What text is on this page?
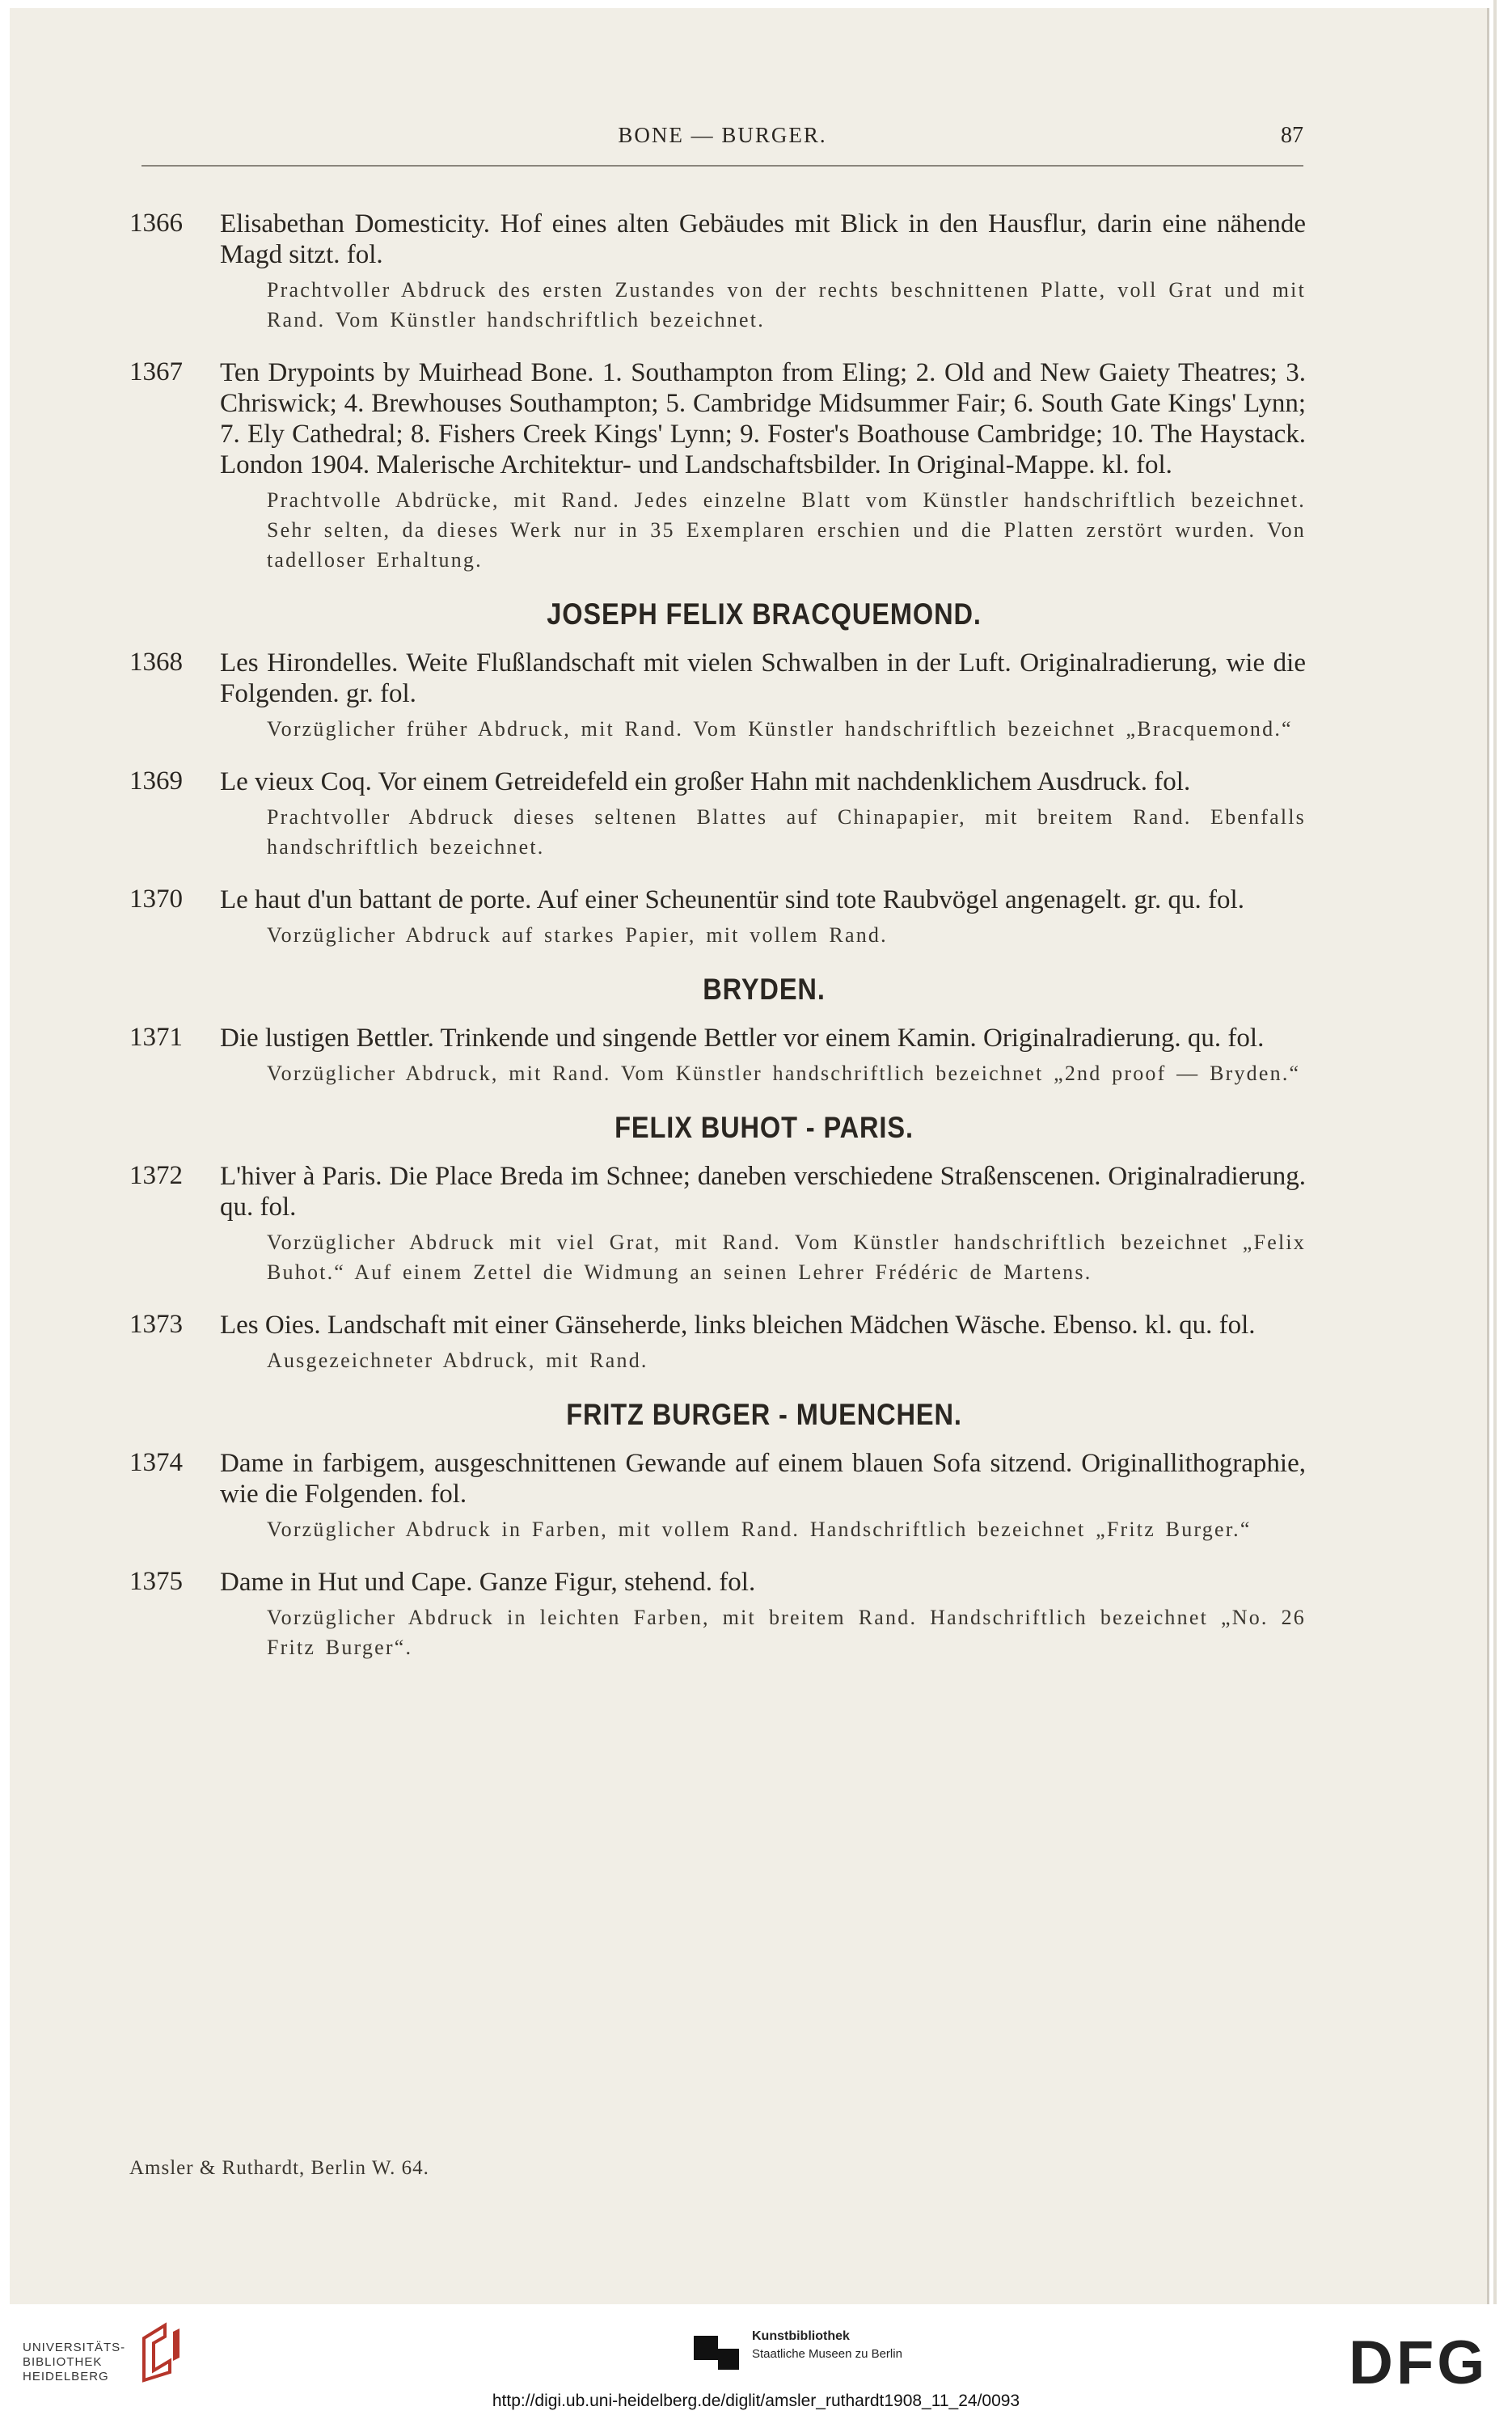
BONE — BURGER.	87
1366	Elisabethan Domesticity. Hof eines alten Gebäudes mit Blick in den Hausflur, darin eine nähende Magd sitzt. fol.
Prachtvoller Abdruck des ersten Zustandes von der rechts beschnittenen Platte, voll Grat und mit Rand. Vom Künstler handschriftlich bezeichnet.
1367	Ten Drypoints by Muirhead Bone. 1. Southampton from Eling; 2. Old and New Gaiety Theatres; 3. Chriswick; 4. Brewhouses Southampton; 5. Cambridge Midsummer Fair; 6. South Gate Kings' Lynn; 7. Ely Cathedral; 8. Fishers Creek Kings' Lynn; 9. Foster's Boathouse Cambridge; 10. The Haystack. London 1904. Malerische Architektur- und Landschaftsbilder. In Original-Mappe. kl. fol.
Prachtvolle Abdrücke, mit Rand. Jedes einzelne Blatt vom Künstler handschriftlich bezeichnet. Sehr selten, da dieses Werk nur in 35 Exemplaren erschien und die Platten zerstört wurden. Von tadelloser Erhaltung.
JOSEPH FELIX BRACQUEMOND.
1368	Les Hirondelles. Weite Flußlandschaft mit vielen Schwalben in der Luft. Originalradierung, wie die Folgenden. gr. fol.
Vorzüglicher früher Abdruck, mit Rand. Vom Künstler handschriftlich bezeichnet „Bracquemond.“
1369	Le vieux Coq. Vor einem Getreidefeld ein großer Hahn mit nachdenklichem Ausdruck. fol.
Prachtvoller Abdruck dieses seltenen Blattes auf Chinapapier, mit breitem Rand. Ebenfalls handschriftlich bezeichnet.
1370	Le haut d'un battant de porte. Auf einer Scheunentür sind tote Raubvögel angenagelt. gr. qu. fol.
Vorzüglicher Abdruck auf starkes Papier, mit vollem Rand.
BRYDEN.
1371	Die lustigen Bettler. Trinkende und singende Bettler vor einem Kamin. Originalradierung. qu. fol.
Vorzüglicher Abdruck, mit Rand. Vom Künstler handschriftlich bezeichnet „2nd proof — Bryden.“
FELIX BUHOT - PARIS.
1372	L'hiver à Paris. Die Place Breda im Schnee; daneben verschiedene Straßenscenen. Originalradierung. qu. fol.
Vorzüglicher Abdruck mit viel Grat, mit Rand. Vom Künstler handschriftlich bezeichnet „Felix Buhot.“ Auf einem Zettel die Widmung an seinen Lehrer Frédéric de Martens.
1373	Les Oies. Landschaft mit einer Gänseherde, links bleichen Mädchen Wäsche. Ebenso. kl. qu. fol.
Ausgezeichneter Abdruck, mit Rand.
FRITZ BURGER - MUENCHEN.
1374	Dame in farbigem, ausgeschnittenen Gewande auf einem blauen Sofa sitzend. Originallithographie, wie die Folgenden. fol.
Vorzüglicher Abdruck in Farben, mit vollem Rand. Handschriftlich bezeichnet „Fritz Burger.“
1375	Dame in Hut und Cape. Ganze Figur, stehend. fol.
Vorzüglicher Abdruck in leichten Farben, mit breitem Rand. Handschriftlich bezeichnet „No. 26 Fritz Burger“.
Amsler & Ruthardt, Berlin W. 64.
UNIVERSITÄTS-
BIBLIOTHEK
HEIDELBERG
Kunstbibliothek
Staatliche Museen zu Berlin	DFG
http://digi.ub.uni-heidelberg.de/diglit/amsler_ruthardt1908_11_24/0093
